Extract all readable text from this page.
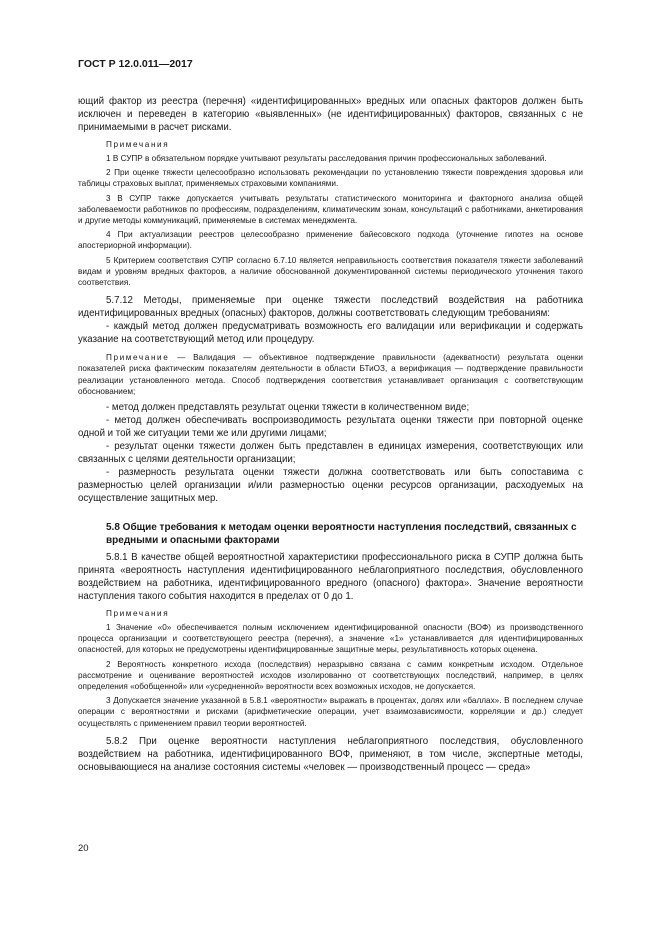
ГОСТ Р 12.0.011—2017

ющий фактор из реестра (перечня) «идентифицированных» вредных или опасных факторов должен быть исключен и переведен в категорию «выявленных» (не идентифицированных) факторов, связанных с не принимаемыми в расчет рисками.

Примечания

1 В СУПР в обязательном порядке учитывают результаты расследования причин профессиональных заболеваний.

2 При оценке тяжести целесообразно использовать рекомендации по установлению тяжести повреждения здоровья или таблицы страховых выплат, применяемых страховыми компаниями.

3 В СУПР также допускается учитывать результаты статистического мониторинга и факторного анализа общей заболеваемости работников по профессиям, подразделениям, климатическим зонам, консультаций с работниками, анкетирования и другие методы коммуникаций, применяемые в системах менеджмента.

4 При актуализации реестров целесообразно применение байесовского подхода (уточнение гипотез на основе апостериорной информации).

5 Критерием соответствия СУПР согласно 6.7.10 является неправильность соответствия показателя тяжести заболеваний видам и уровням вредных факторов, а наличие обоснованной документированной системы периодического уточнения такого соответствия.

5.7.12 Методы, применяемые при оценке тяжести последствий воздействия на работника идентифицированных вредных (опасных) факторов, должны соответствовать следующим требованиям:

- каждый метод должен предусматривать возможность его валидации или верификации и содержать указание на соответствующий метод или процедуру.

Примечание — Валидация — объективное подтверждение правильности (адекватности) результата оценки показателей риска фактическим показателям деятельности в области БТиОЗ, а верификация — подтверждение правильности реализации установленного метода. Способ подтверждения соответствия устанавливает организация с соответствующим обоснованием;

- метод должен представлять результат оценки тяжести в количественном виде;

- метод должен обеспечивать воспроизводимость результата оценки тяжести при повторной оценке одной и той же ситуации теми же или другими лицами;

- результат оценки тяжести должен быть представлен в единицах измерения, соответствующих или связанных с целями деятельности организации;

- размерность результата оценки тяжести должна соответствовать или быть сопоставима с размерностью целей организации и/или размерностью оценки ресурсов организации, расходуемых на осуществление защитных мер.

5.8 Общие требования к методам оценки вероятности наступления последствий, связанных с вредными и опасными факторами

5.8.1 В качестве общей вероятностной характеристики профессионального риска в СУПР должна быть принята «вероятность наступления идентифицированного неблагоприятного последствия, обусловленного воздействием на работника, идентифицированного вредного (опасного) фактора». Значение вероятности наступления такого события находится в пределах от 0 до 1.

Примечания

1 Значение «0» обеспечивается полным исключением идентифицированной опасности (ВОФ) из производственного процесса организации и соответствующего реестра (перечня), а значение «1» устанавливается для идентифицированных опасностей, для которых не предусмотрены идентифицированные защитные меры, результативность которых оценена.

2 Вероятность конкретного исхода (последствия) неразрывно связана с самим конкретным исходом. Отдельное рассмотрение и оценивание вероятностей исходов изолированно от соответствующих последствий, например, в целях определения «обобщенной» или «усредненной» вероятности всех возможных исходов, не допускается.

3 Допускается значение указанной в 5.8.1 «вероятности» выражать в процентах, долях или «баллах». В последнем случае операции с вероятностями и рисками (арифметические операции, учет взаимозависимости, корреляции и др.) следует осуществлять с применением правил теории вероятностей.

5.8.2 При оценке вероятности наступления неблагоприятного последствия, обусловленного воздействием на работника, идентифицированного ВОФ, применяют, в том числе, экспертные методы, основывающиеся на анализе состояния системы «человек — производственный процесс — среда»

20
